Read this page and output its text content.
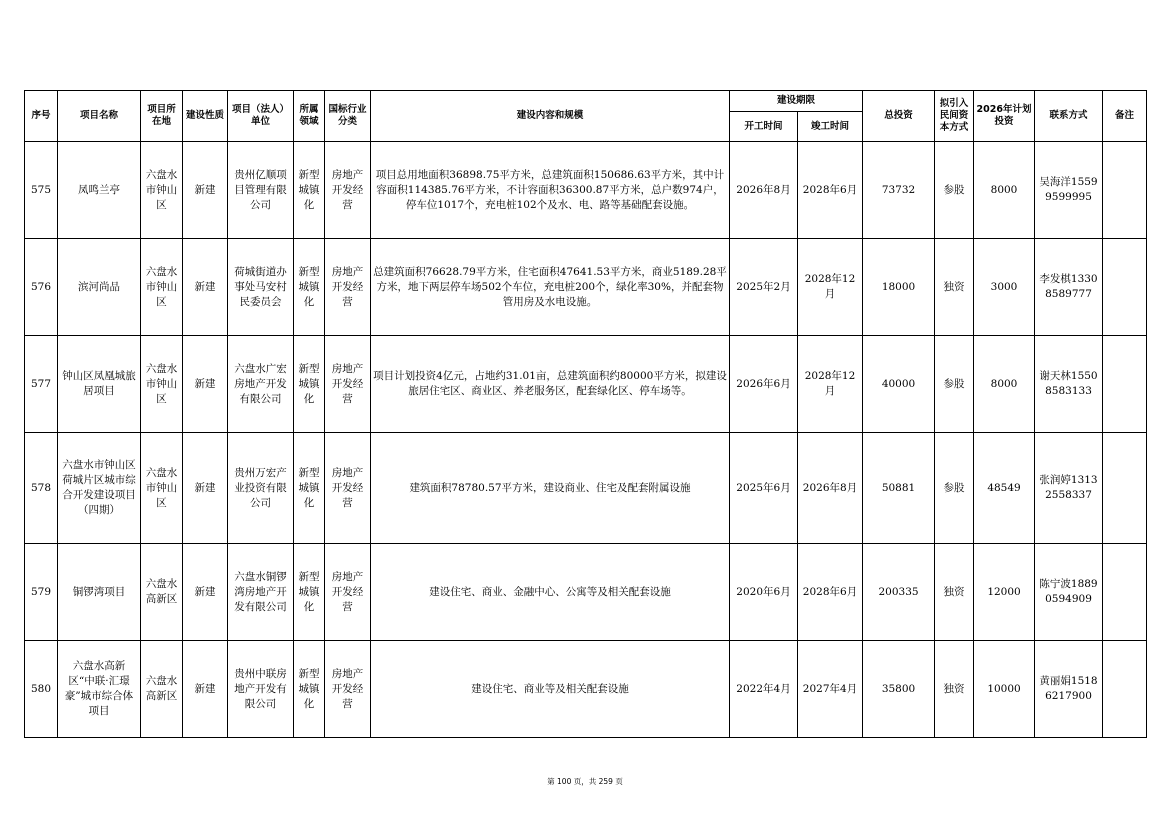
序号	项目名称	项目所在地	建设性质	项目（法人）单位	所属领域	国标行业分类	建设内容和规模	建设期限		总投资	拟引入民间资本方式	2026年计划投资	联系方式	备注
								开工时间	竣工时间					
575	凤鸣兰亭	六盘水市钟山区	新建	贵州亿顺项目管理有限公司	新型城镇化	房地产开发经营	项目总用地面积36898.75平方米，总建筑面积150686.63平方米，其中计容面积114385.76平方米，不计容面积36300.87平方米，总户数974户，停车位1017个，充电桩102个及水、电、路等基础配套设施。	2026年8月	2028年6月	73732	参股	8000	吴海洋15599599995	
576	滨河尚品	六盘水市钟山区	新建	荷城街道办事处马安村民委员会	新型城镇化	房地产开发经营	总建筑面积76628.79平方米，住宅面积47641.53平方米，商业5189.28平方米，地下两层停车场502个车位，充电桩200个，绿化率30%，并配套物管用房及水电设施。	2025年2月	2028年12月	18000	独资	3000	李发棋13308589777	
577	钟山区凤凰城旅居项目	六盘水市钟山区	新建	六盘水广宏房地产开发有限公司	新型城镇化	房地产开发经营	项目计划投资4亿元，占地约31.01亩，总建筑面积约80000平方米，拟建设旅居住宅区、商业区、养老服务区，配套绿化区、停车场等。	2026年6月	2028年12月	40000	参股	8000	谢天林15508583133	
578	六盘水市钟山区荷城片区城市综合开发建设项目（四期）	六盘水市钟山区	新建	贵州万宏产业投资有限公司	新型城镇化	房地产开发经营	建筑面积78780.57平方米，建设商业、住宅及配套附属设施	2025年6月	2026年8月	50881	参股	48549	张润婷13132558337	
579	铜锣湾项目	六盘水高新区	新建	六盘水铜锣湾房地产开发有限公司	新型城镇化	房地产开发经营	建设住宅、商业、金融中心、公寓等及相关配套设施	2020年6月	2028年6月	200335	独资	12000	陈宁波18890594909	
580	六盘水高新区“中联·汇璟豪”城市综合体项目	六盘水高新区	新建	贵州中联房地产开发有限公司	新型城镇化	房地产开发经营	建设住宅、商业等及相关配套设施	2022年4月	2027年4月	35800	独资	10000	黄丽娟15186217900	
第 100 页，共 259 页
